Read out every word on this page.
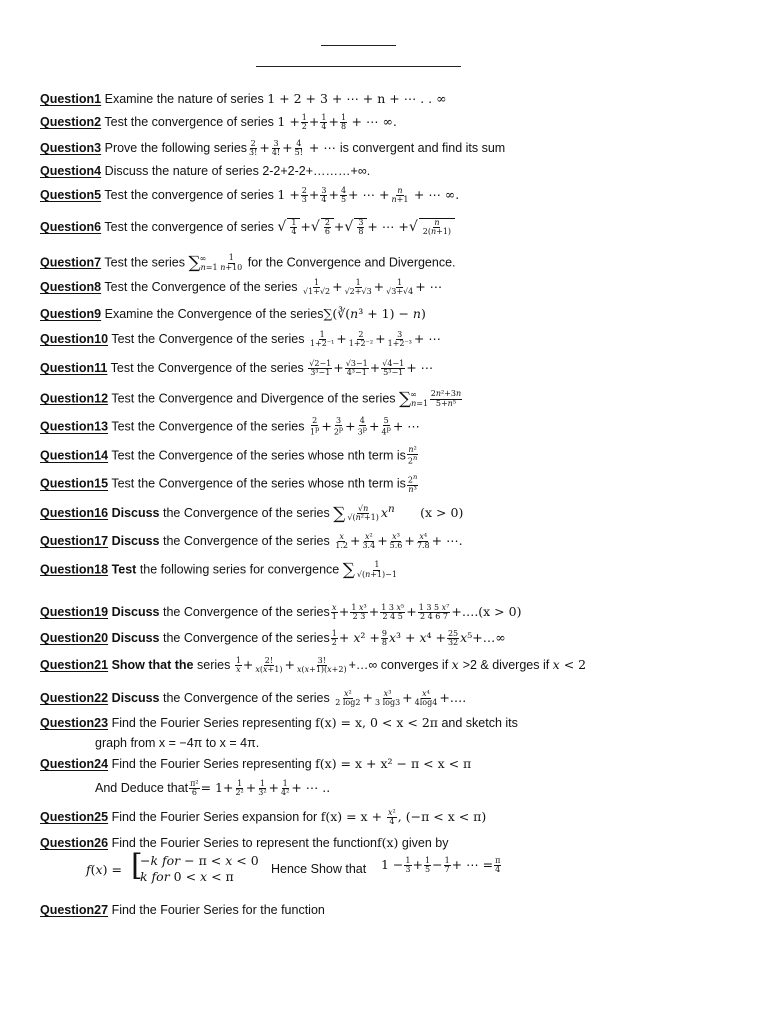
Question1 Examine the nature of series 1 + 2 + 3 + ⋯ + n + ⋯ . . ∞
Question2 Test the convergence of series $1 + \frac{1}{2} + \frac{1}{4} + \frac{1}{8}$ + ⋯ ∞.
Question3 Prove the following series $\frac{2}{3!} + \frac{3}{4!} + \frac{4}{5!}$ + ⋯ is convergent and find its sum
Question4 Discuss the nature of series 2-2+2-2+………+∞.
Question5 Test the convergence of series $1 + \frac{2}{3} + \frac{3}{4} + \frac{4}{5}$ + ⋯ + $\frac{n}{n+1}$ + ⋯ ∞.
Question6 Test the convergence of series √ $\frac{1}{4}$ +√ $\frac{2}{6}$ +√ $\frac{3}{8}$ + ⋯ +√ $\frac{n}{2(n+1)}$
Question7 Test the series $\sum_{n=1}^\infty \frac{1}{n+10}$ for the Convergence and Divergence.
Question8 Test the Convergence of the series $\frac{1}{√1+√2} + \frac{1}{√2+√3} + \frac{1}{√3+√4}$ + ⋯
Question9 Examine the Convergence of the series∑(∛(n³ + 1) − n)
Question10 Test the Convergence of the series $\frac{1}{\text{1+2⁻¹}} + \frac{2}{\text{1+2⁻²}} + \frac{3}{\text{1+2⁻³}}$ + ⋯
Question11 Test the Convergence of the series $\frac{√2-1}{\text{3³−1}} + \frac{√3-1}{\text{4³−1}} + \frac{√4-1}{\text{5³−1}}$ + ⋯
Question12 Test the Convergence and Divergence of the series $\sum_{n=1}^\infty \frac{\text{2n²+3n}}{\text{5+n⁵}}$
Question13 Test the Convergence of the series $\frac{2}{1^p} + \frac{3}{2^p} + \frac{4}{3^p} + \frac{5}{4^p}$ + ⋯
Question14 Test the Convergence of the series whose nth term is $\frac{\text{n²}}{2^n}$
Question15 Test the Convergence of the series whose nth term is $\frac{2^n}{\text{n³}}$
Question16 Discuss the Convergence of the series ∑ $\frac{√n}{\text{√(n²+1)}} x^n$ (x > 0)
Question17 Discuss the Convergence of the series $\frac{x}{1.2} + \frac{\text{x²}}{3.4} + \frac{\text{x³}}{5.6} + \frac{\text{x⁴}}{7.8}$ + ⋯.
Question18 Test the following series for convergence ∑ $\frac{1}{√(n+1)-1}$
Question19 Discuss the Convergence of the series $\frac{x}{1} + \frac{\text{1 x³}}{2 3} + \frac{\text{1 3 x⁵}}{2 4 5} + \frac{\text{1 3 5 x⁷}}{2 4 6 7}$ +….(x > 0)
Question20 Discuss the Convergence of the series $\frac{1}{2} + x^2 + \frac{9}{8} x^3 + x^4 + \frac{25}{32}$ x⁵+…∞
Question21 Show that the series $\frac{1}{x} + \frac{2!}{x(x+1)} + \frac{3!}{x(x+1)(x+2)}$ +…∞ converges if x >2 & diverges if x < 2
Question22 Discuss the Convergence of the series $\frac{\text{x²}}{2 \log 2} + \frac{\text{x³}}{3 \log 3} + \frac{\text{x⁴}}{4\log 4}$ +….
Question23 Find the Fourier Series representing f(x) = x, 0 < x < 2π and sketch its
graph from x = −4π to x = 4π.
Question24 Find the Fourier Series representing f(x) = x + x² − π < x < π
And Deduce that $\frac{\text{π²}}{6} = 1+ \frac{1}{\text{2²}} + \frac{1}{\text{3²}} + \frac{1}{\text{4²}}$ + ⋯ ..
Question25 Find the Fourier Series expansion for $f(x) = x + \frac{\text{x²}}{4}$ , (−π < x < π)
Question26 Find the Fourier Series to represent the functionf(x) given by
f(x) = [
−k for − π < x < 0
k for 0 < x < π	Hence Show that $1 - \frac{1}{3} + \frac{1}{5} - \frac{1}{7}$ + ⋯ = $\frac{\pi}{4}$
Question27 Find the Fourier Series for the function
